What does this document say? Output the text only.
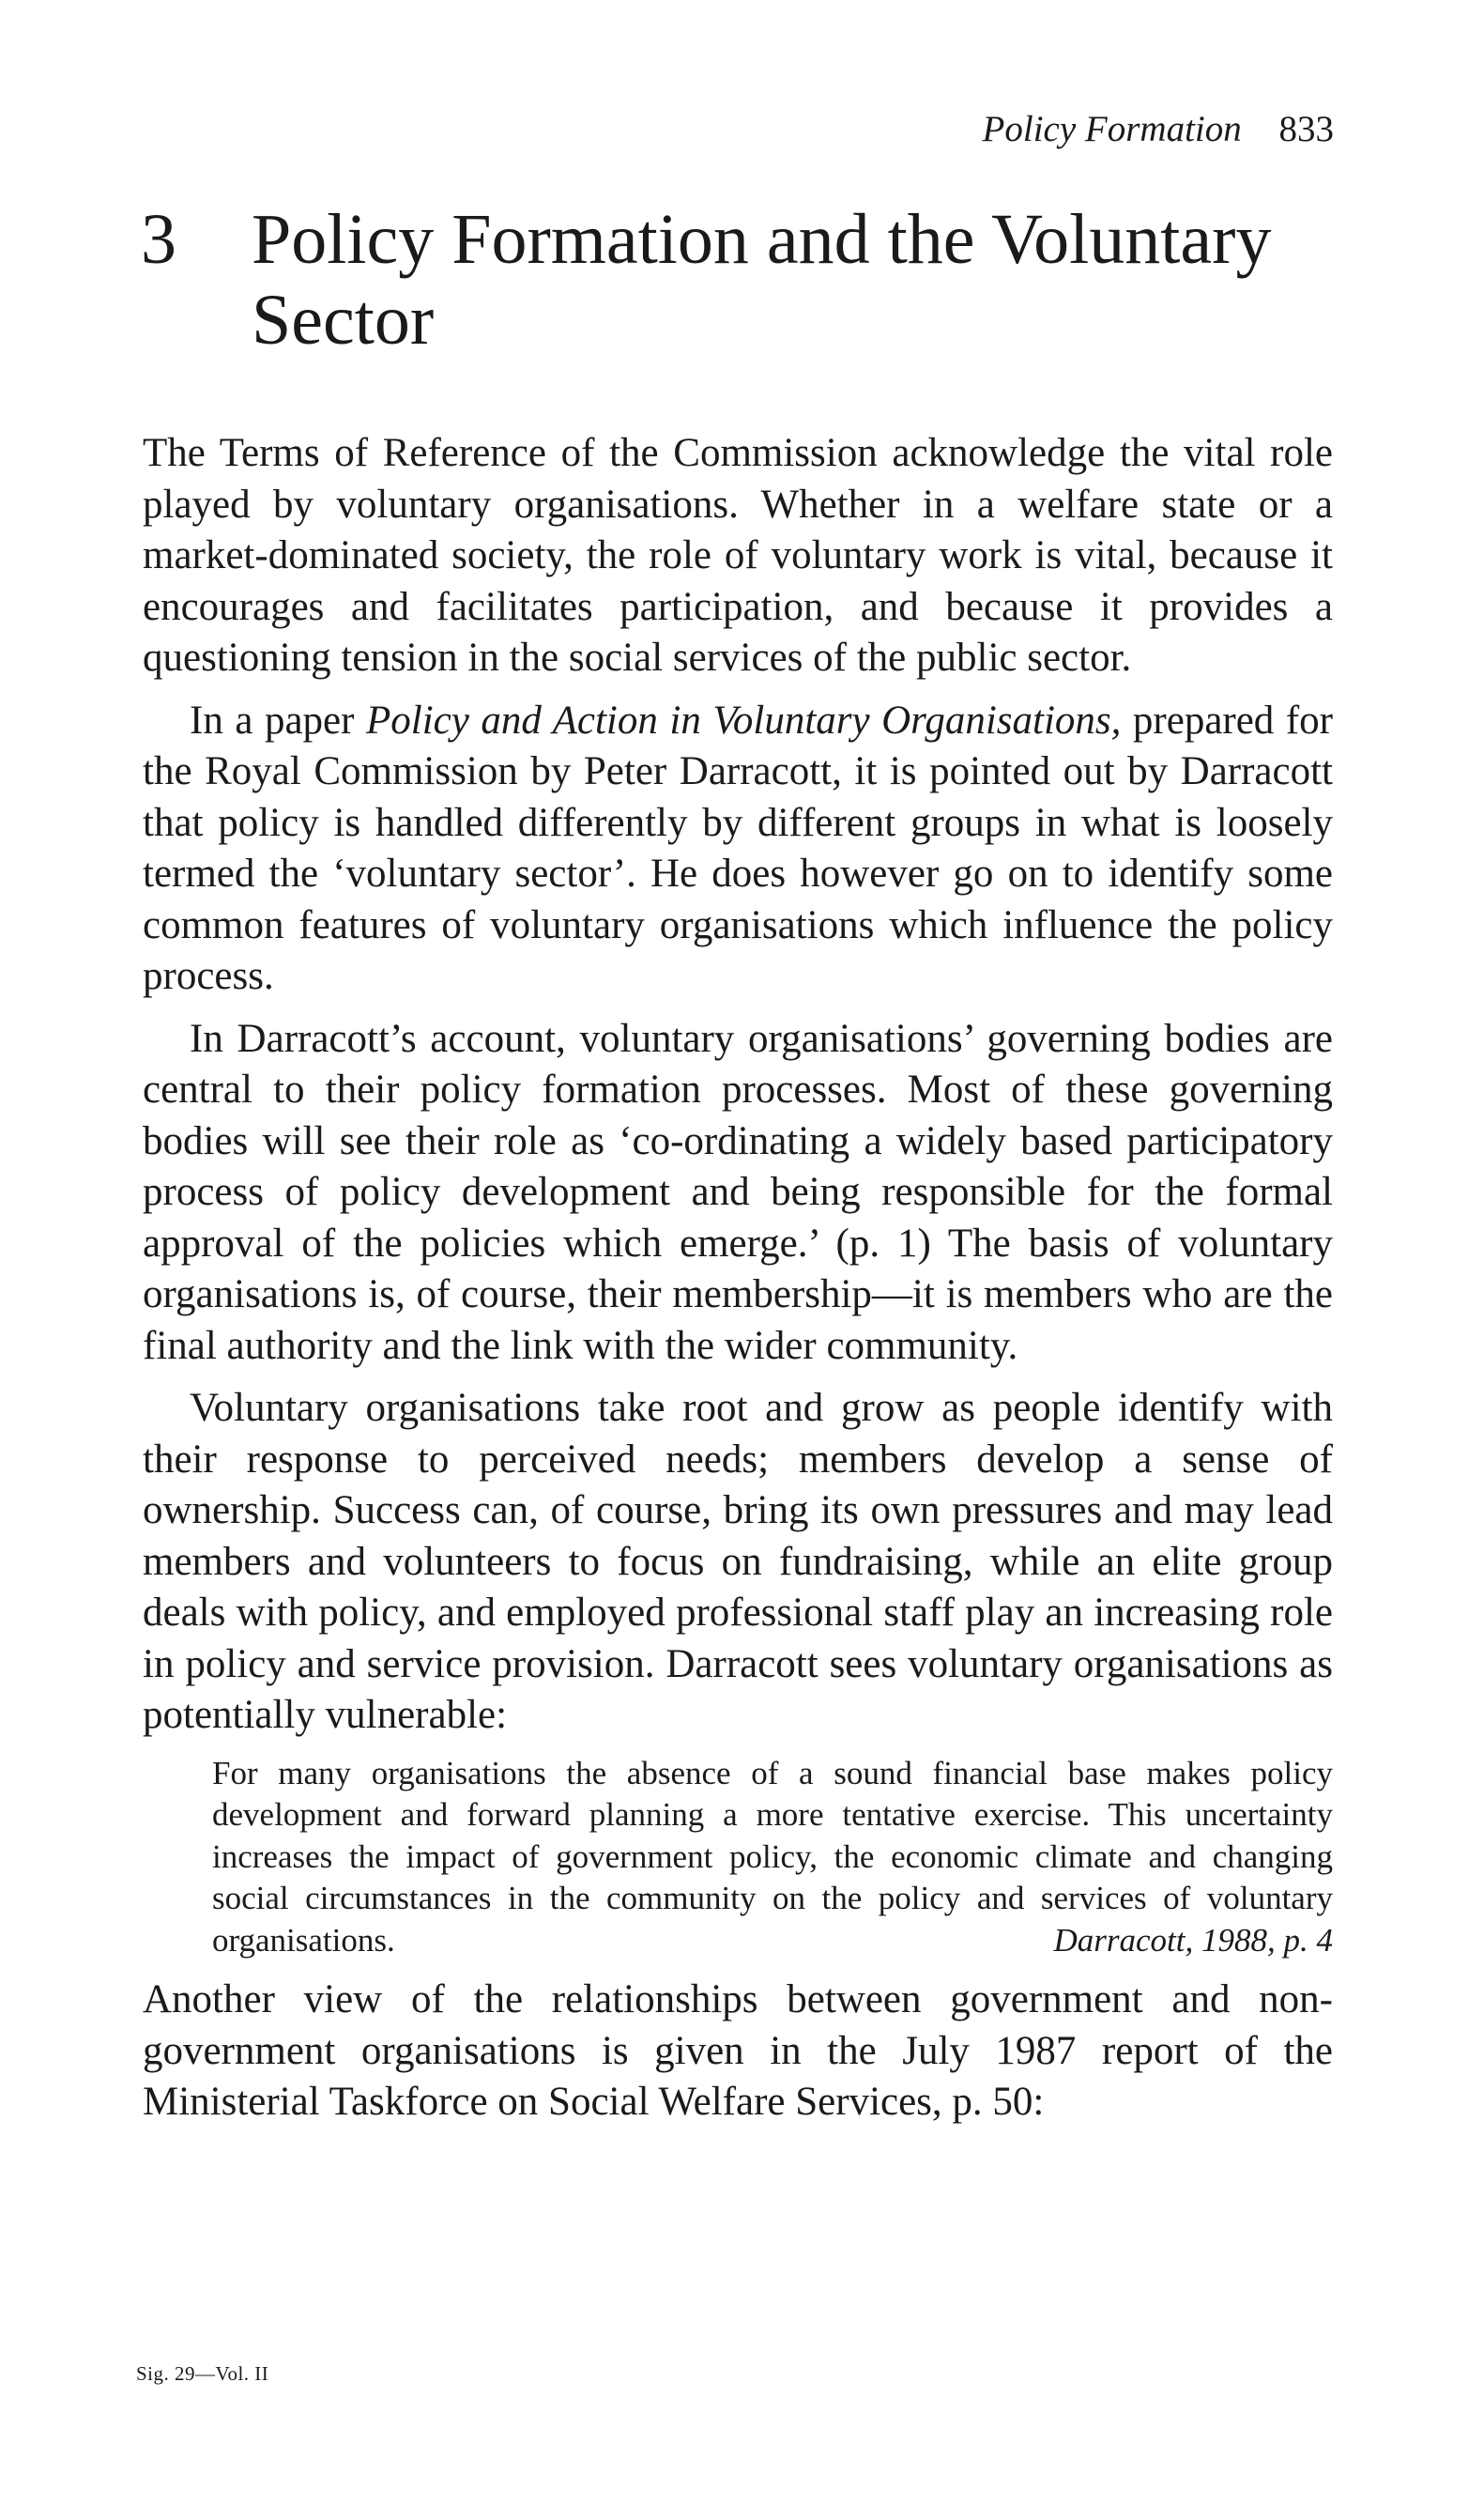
Policy Formation 833
3 Policy Formation and the Voluntary Sector

The Terms of Reference of the Commission acknowledge the vital role played by voluntary organisations. Whether in a welfare state or a market-dominated society, the role of voluntary work is vital, because it encourages and facilitates participation, and because it provides a questioning tension in the social services of the public sector.

In a paper Policy and Action in Voluntary Organisations, prepared for the Royal Commission by Peter Darracott, it is pointed out by Darracott that policy is handled differently by different groups in what is loosely termed the ‘voluntary sector’. He does however go on to identify some common features of voluntary organisations which influence the policy process.

In Darracott’s account, voluntary organisations’ governing bodies are central to their policy formation processes. Most of these governing bodies will see their role as ‘co-ordinating a widely based participatory process of policy development and being responsible for the formal approval of the policies which emerge.’ (p. 1) The basis of voluntary organisations is, of course, their membership—it is members who are the final authority and the link with the wider community.

Voluntary organisations take root and grow as people identify with their response to perceived needs; members develop a sense of ownership. Success can, of course, bring its own pressures and may lead members and volunteers to focus on fundraising, while an elite group deals with policy, and employed professional staff play an increasing role in policy and service provision. Darracott sees voluntary organisations as potentially vulnerable:

For many organisations the absence of a sound financial base makes policy development and forward planning a more tentative exercise. This uncertainty increases the impact of government policy, the economic climate and changing social circumstances in the community on the policy and services of voluntary organisations.	Darracott, 1988, p. 4

Another view of the relationships between government and non-government organisations is given in the July 1987 report of the Ministerial Taskforce on Social Welfare Services, p. 50:

Sig. 29—Vol. II
